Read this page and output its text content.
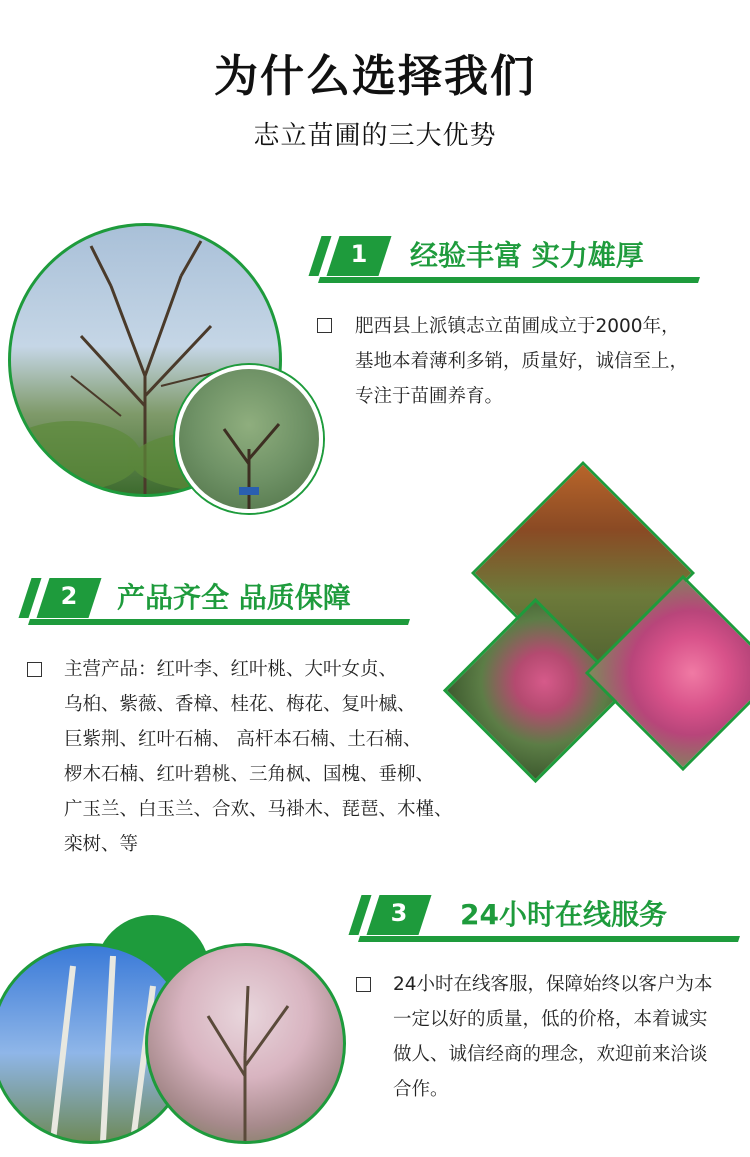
为什么选择我们
志立苗圃的三大优势
1	经验丰富 实力雄厚
肥西县上派镇志立苗圃成立于2000年，
基地本着薄利多销，质量好，诚信至上，
专注于苗圃养育。
2	产品齐全 品质保障
主营产品：红叶李、红叶桃、大叶女贞、
乌桕、紫薇、香樟、桂花、梅花、复叶槭、
巨紫荆、红叶石楠、 高杆本石楠、土石楠、
椤木石楠、红叶碧桃、三角枫、国槐、垂柳、
广玉兰、白玉兰、合欢、马褂木、琵琶、木槿、
栾树、等
3	24小时在线服务
24小时在线客服，保障始终以客户为本
一定以好的质量，低的价格，本着诚实
做人、诚信经商的理念，欢迎前来洽谈
合作。
